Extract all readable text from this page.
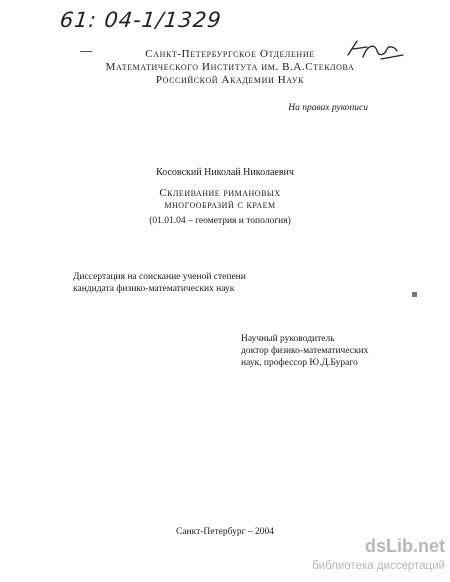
61: 04-1/1329
Санкт-Петербургское Отделение
Математического Института им. В.А.Стеклова
Российской Академии Наук
На правах рукописи
Косовский Николай Николаевич
Склеивание римановых
многообразий с краем
(01.01.04 – геометрия и топология)
Диссертация на соискание ученой степени
кандидата физико-математических наук
Научный руководитель
доктор физико-математических
наук, профессор Ю.Д.Бураго
Санкт-Петербург – 2004
dsLib.net
библиотека диссертаций
